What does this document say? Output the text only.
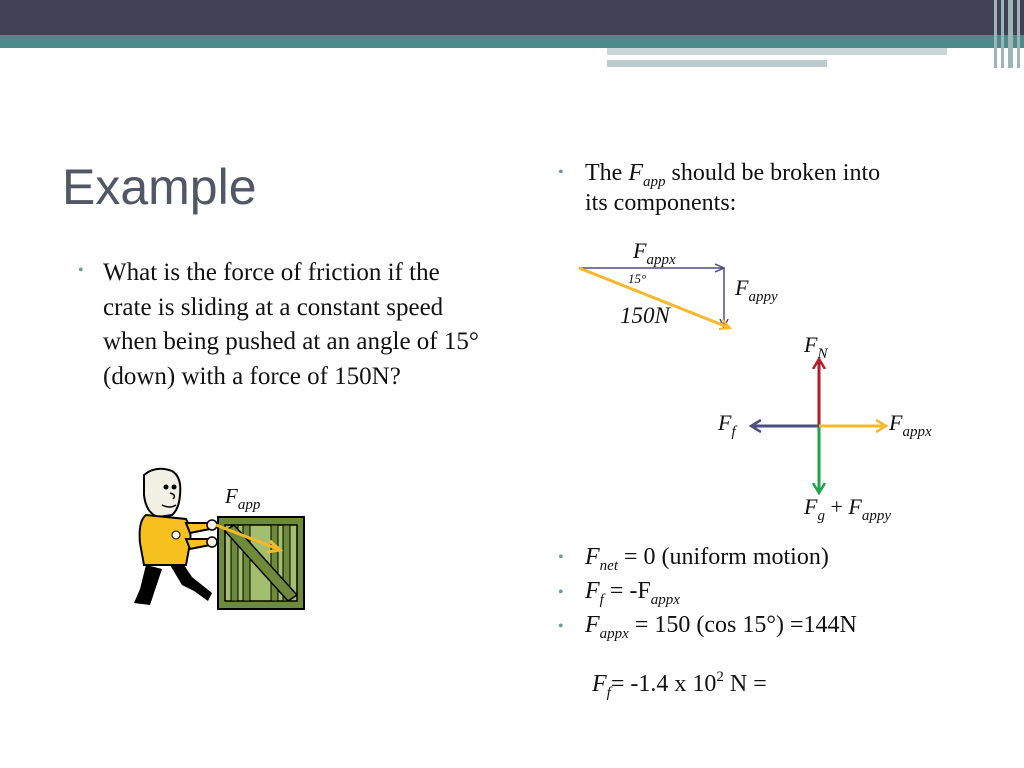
Example
• What is the force of friction if the crate is sliding at a constant speed when being pushed at an angle of 15° (down) with a force of 150N?
• The $F_{app}$ should be broken into
its components:
$F_{appx}$
$F_{appy}$
15°
150N
$F_N$
$F_f$	$F_{appx}$
$F_g + F_{appy}$
$F_{app}$
• $F_{net} = 0$ (uniform motion)
• $F_f = -F_{appx}$
• $F_{appx} = 150$ (cos 15°) =144N
$F_f= -1.4$ x $10^2$ N =
